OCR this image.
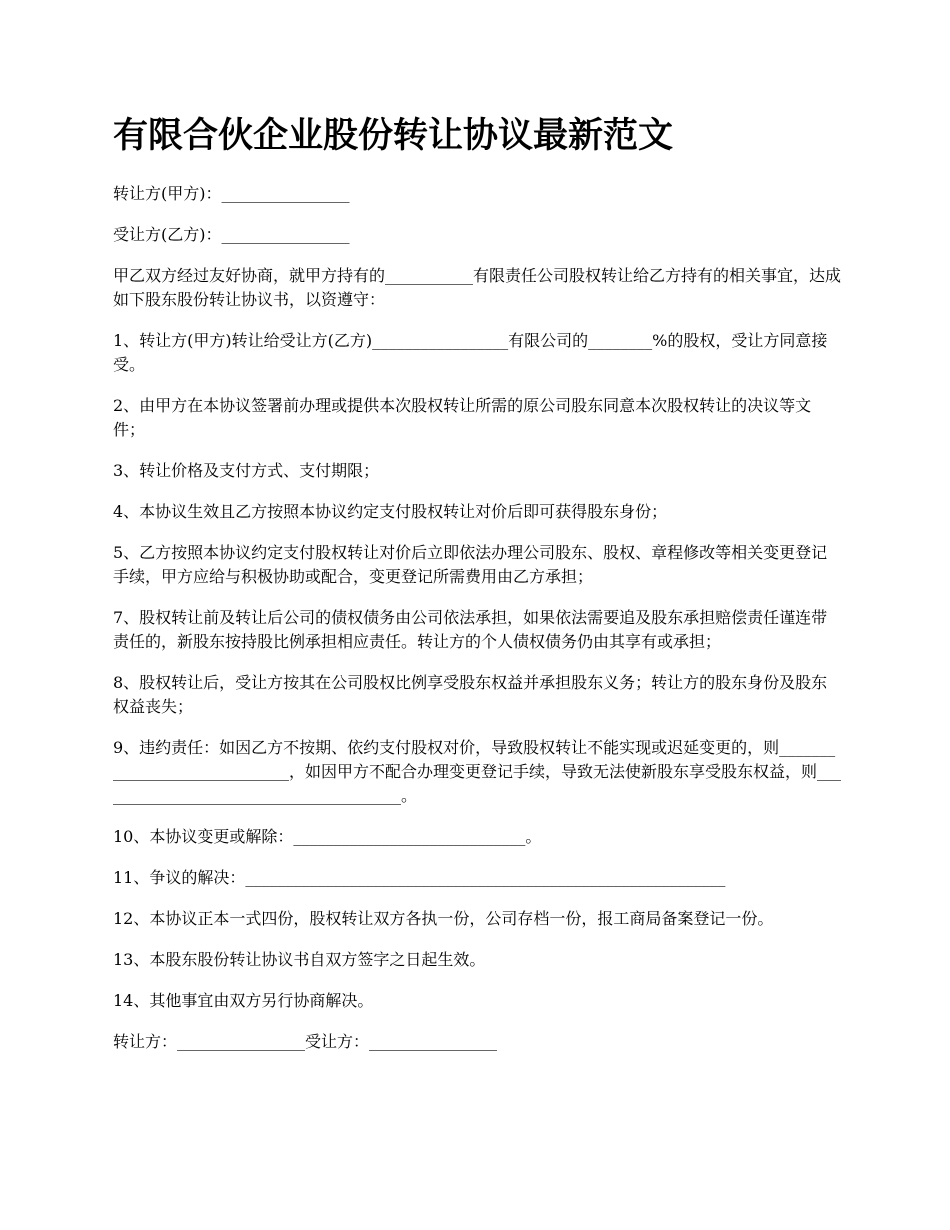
有限合伙企业股份转让协议最新范文

转让方(甲方)：________________

受让方(乙方)：________________

甲乙双方经过友好协商，就甲方持有的___________有限责任公司股权转让给乙方持有的相关事宜，达成如下股东股份转让协议书，以资遵守：

1、转让方(甲方)转让给受让方(乙方)_________________有限公司的________%的股权，受让方同意接受。

2、由甲方在本协议签署前办理或提供本次股权转让所需的原公司股东同意本次股权转让的决议等文件；

3、转让价格及支付方式、支付期限；

4、本协议生效且乙方按照本协议约定支付股权转让对价后即可获得股东身份；

5、乙方按照本协议约定支付股权转让对价后立即依法办理公司股东、股权、章程修改等相关变更登记手续，甲方应给与积极协助或配合，变更登记所需费用由乙方承担；

7、股权转让前及转让后公司的债权债务由公司依法承担，如果依法需要追及股东承担赔偿责任谨连带责任的，新股东按持股比例承担相应责任。转让方的个人债权债务仍由其享有或承担；

8、股权转让后，受让方按其在公司股权比例享受股东权益并承担股东义务；转让方的股东身份及股东权益丧失；

9、违约责任：如因乙方不按期、依约支付股权对价，导致股权转让不能实现或迟延变更的，则_____________________________，如因甲方不配合办理变更登记手续，导致无法使新股东享受股东权益，则_______________________________________。

10、本协议变更或解除：_____________________________。

11、争议的解决：____________________________________________________________

12、本协议正本一式四份，股权转让双方各执一份，公司存档一份，报工商局备案登记一份。

13、本股东股份转让协议书自双方签字之日起生效。

14、其他事宜由双方另行协商解决。

转让方：________________受让方：________________
